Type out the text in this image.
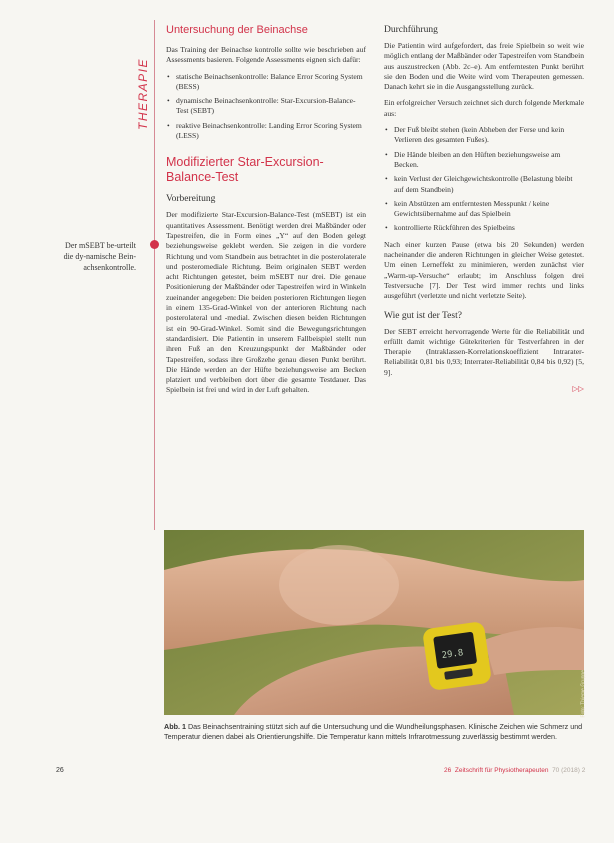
THERAPIE
Der mSEBT be-urteilt die dy-namische Bein-achsenkontrolle.
Untersuchung der Beinachse

Das Training der Beinachse kontrolle sollte wie beschrieben auf Assessments basieren. Folgende Assessments eignen sich dafür:

• statische Beinachsenkontrolle: Balance Error Scoring System (BESS)
• dynamische Beinachsenkontrolle: Star-Excursion-Balance-Test (SEBT)
• reaktive Beinachsenkontrolle: Landing Error Scoring System (LESS)
Modifizierter Star-Excursion-Balance-Test
Vorbereitung

Der modifizierte Star-Excursion-Balance-Test (mSEBT) ist ein quantitatives Assessment. Benötigt werden drei Maßbänder oder Tapestreifen, die in Form eines „Y“ auf den Boden gelegt beziehungsweise geklebt werden. Sie zeigen in die vordere Richtung und vom Standbein aus betrachtet in die posterolaterale und posteromediale Richtung. Beim originalen SEBT werden acht Richtungen getestet, beim mSEBT nur drei. Die genaue Positionierung der Maßbänder oder Tapestreifen wird in Winkeln zueinander angegeben: Die beiden posterioren Richtungen liegen in einem 135-Grad-Winkel von der anterioren Richtung nach posterolateral und -medial. Zwischen diesen beiden Richtungen ist ein 90-Grad-Winkel. Somit sind die Bewegungsrichtungen standardisiert. Die Patientin in unserem Fallbeispiel stellt nun ihren Fuß an den Kreuzungspunkt der Maßbänder oder Tapestreifen, sodass ihre Großzehe genau diesen Punkt berührt. Die Hände werden an der Hüfte beziehungsweise am Becken platziert und verbleiben dort über die gesamte Testdauer. Das Spielbein ist frei und wird in der Luft gehalten.

Durchführung

Die Patientin wird aufgefordert, das freie Spielbein so weit wie möglich entlang der Maßbänder oder Tapestreifen vom Standbein aus auszustrecken (Abb. 2c–e). Am entferntesten Punkt berührt sie den Boden und die Weite wird vom Therapeuten gemessen. Danach kehrt sie in die Ausgangsstellung zurück.

Ein erfolgreicher Versuch zeichnet sich durch folgende Merkmale aus:

• Der Fuß bleibt stehen (kein Abheben der Ferse und kein Verlieren des gesamten Fußes).
• Die Hände bleiben an den Hüften beziehungsweise am Becken.
• kein Verlust der Gleichgewichtskontrolle (Belastung bleibt auf dem Standbein)
• kein Abstützen am entferntesten Messpunkt / keine Gewichtsübernahme auf das Spielbein
• kontrollierte Rückführen des Spielbeins

Nach einer kurzen Pause (etwa bis 20 Sekunden) werden nacheinander die anderen Richtungen in gleicher Weise getestet. Um einen Lerneffekt zu minimieren, werden zunächst vier „Warm-up-Versuche“ erlaubt; im Anschluss folgen drei Testversuche [7]. Der Test wird immer rechts und links ausgeführt (verletzte und nicht verletzte Seite).

Wie gut ist der Test?

Der SEBT erreicht hervorragende Werte für die Reliabilität und erfüllt damit wichtige Gütekriterien für Testverfahren in der Therapie (Intraklassen-Korrelationskoeffizient Intrarater-Reliabilität 0,81 bis 0,93; Interrater-Reliabilität 0,84 bis 0,92) [5, 9].

▷▷
29.8
Foto: Thieme Gruppe
Abb. 1 Das Beinachsentraining stützt sich auf die Untersuchung und die Wundheilungsphasen. Klinische Zeichen wie Schmerz und Temperatur dienen dabei als Orientierungshilfe. Die Temperatur kann mittels Infrarotmessung zuverlässig bestimmt werden.
26	26 Zeitschrift für Physiotherapeuten 70 (2018) 2
